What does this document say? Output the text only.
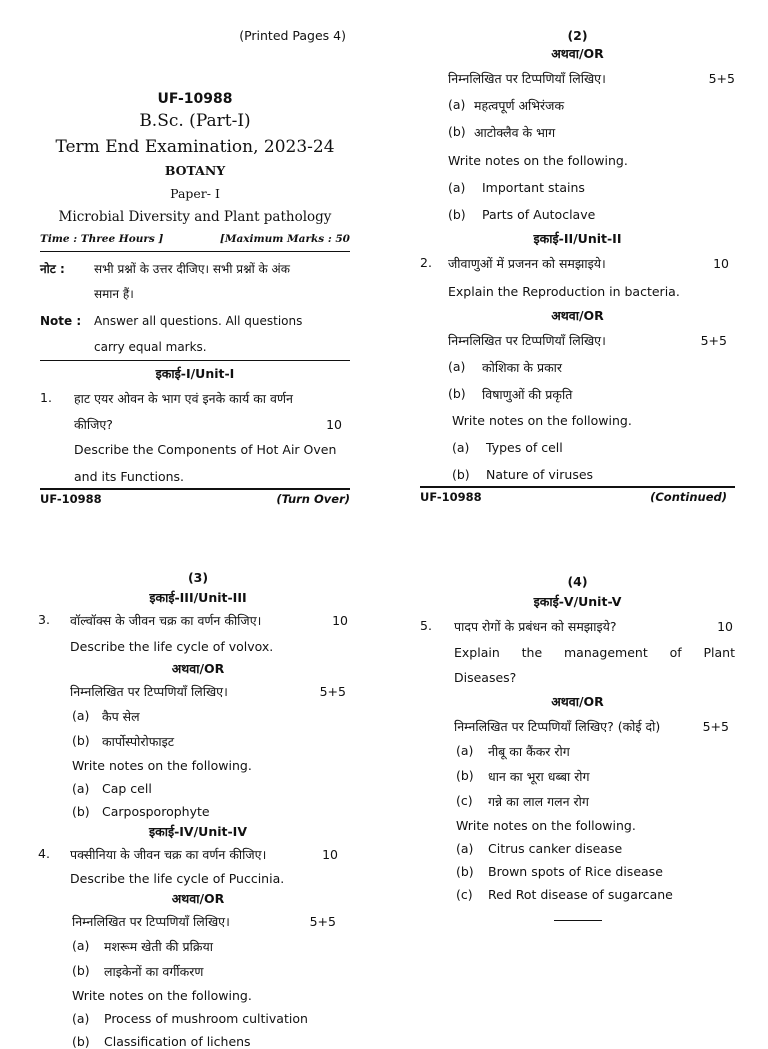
(Printed Pages 4)
UF-10988
B.Sc. (Part-I)
Term End Examination, 2023-24
BOTANY
Paper- I
Microbial Diversity and Plant pathology
Time : Three Hours ]	[Maximum Marks : 50
नोट :	सभी प्रश्नों के उत्तर दीजिए। सभी प्रश्नों के अंक
समान हैं।
Note :	Answer all questions. All questions
carry equal marks.
इकाई-I/Unit-I
1.	हाट एयर ओवन के भाग एवं इनके कार्य का वर्णन
कीजिए?	10
Describe the Components of Hot Air Oven
and its Functions.
UF-10988	(Turn Over)
(2)
अथवा/OR
निम्नलिखित पर टिप्पणियाँ लिखिए।	5+5
(a) महत्वपूर्ण अभिरंजक
(b) आटोक्लैव के भाग
Write notes on the following.
(a)	Important stains
(b)	Parts of Autoclave
इकाई-II/Unit-II
2.	जीवाणुओं में प्रजनन को समझाइये।	10
Explain the Reproduction in bacteria.
अथवा/OR
निम्नलिखित पर टिप्पणियाँ लिखिए।	5+5
(a)	कोशिका के प्रकार
(b)	विषाणुओं की प्रकृति
Write notes on the following.
(a)	Types of cell
(b)	Nature of viruses
UF-10988	(Continued)
(3)
इकाई-III/Unit-III
3.	वॉल्वॉक्स के जीवन चक्र का वर्णन कीजिए।	10
Describe the life cycle of volvox.
अथवा/OR
निम्नलिखित पर टिप्पणियाँ लिखिए।	5+5
(a)	कैप सेल
(b) कार्पोस्पोरोफाइट
Write notes on the following.
(a)	Cap cell
(b) Carposporophyte
इकाई-IV/Unit-IV
4.	पक्सीनिया के जीवन चक्र का वर्णन कीजिए।	10
Describe the life cycle of Puccinia.
अथवा/OR
निम्नलिखित पर टिप्पणियाँ लिखिए।	5+5
(a)	मशरूम खेती की प्रक्रिया
(b)	लाइकेनों का वर्गीकरण
Write notes on the following.
(a)	Process of mushroom cultivation
(b)	Classification of lichens
(4)
इकाई-V/Unit-V
5.	पादप रोगों के प्रबंधन को समझाइये?	10
Explain the management of Plant
Diseases?
अथवा/OR
निम्नलिखित पर टिप्पणियाँ लिखिए? (कोई दो)	5+5
(a)	नीबू का कैंकर रोग
(b)	धान का भूरा धब्बा रोग
(c)	गन्ने का लाल गलन रोग
Write notes on the following.
(a)	Citrus canker disease
(b)	Brown spots of Rice disease
(c)	Red Rot disease of sugarcane
